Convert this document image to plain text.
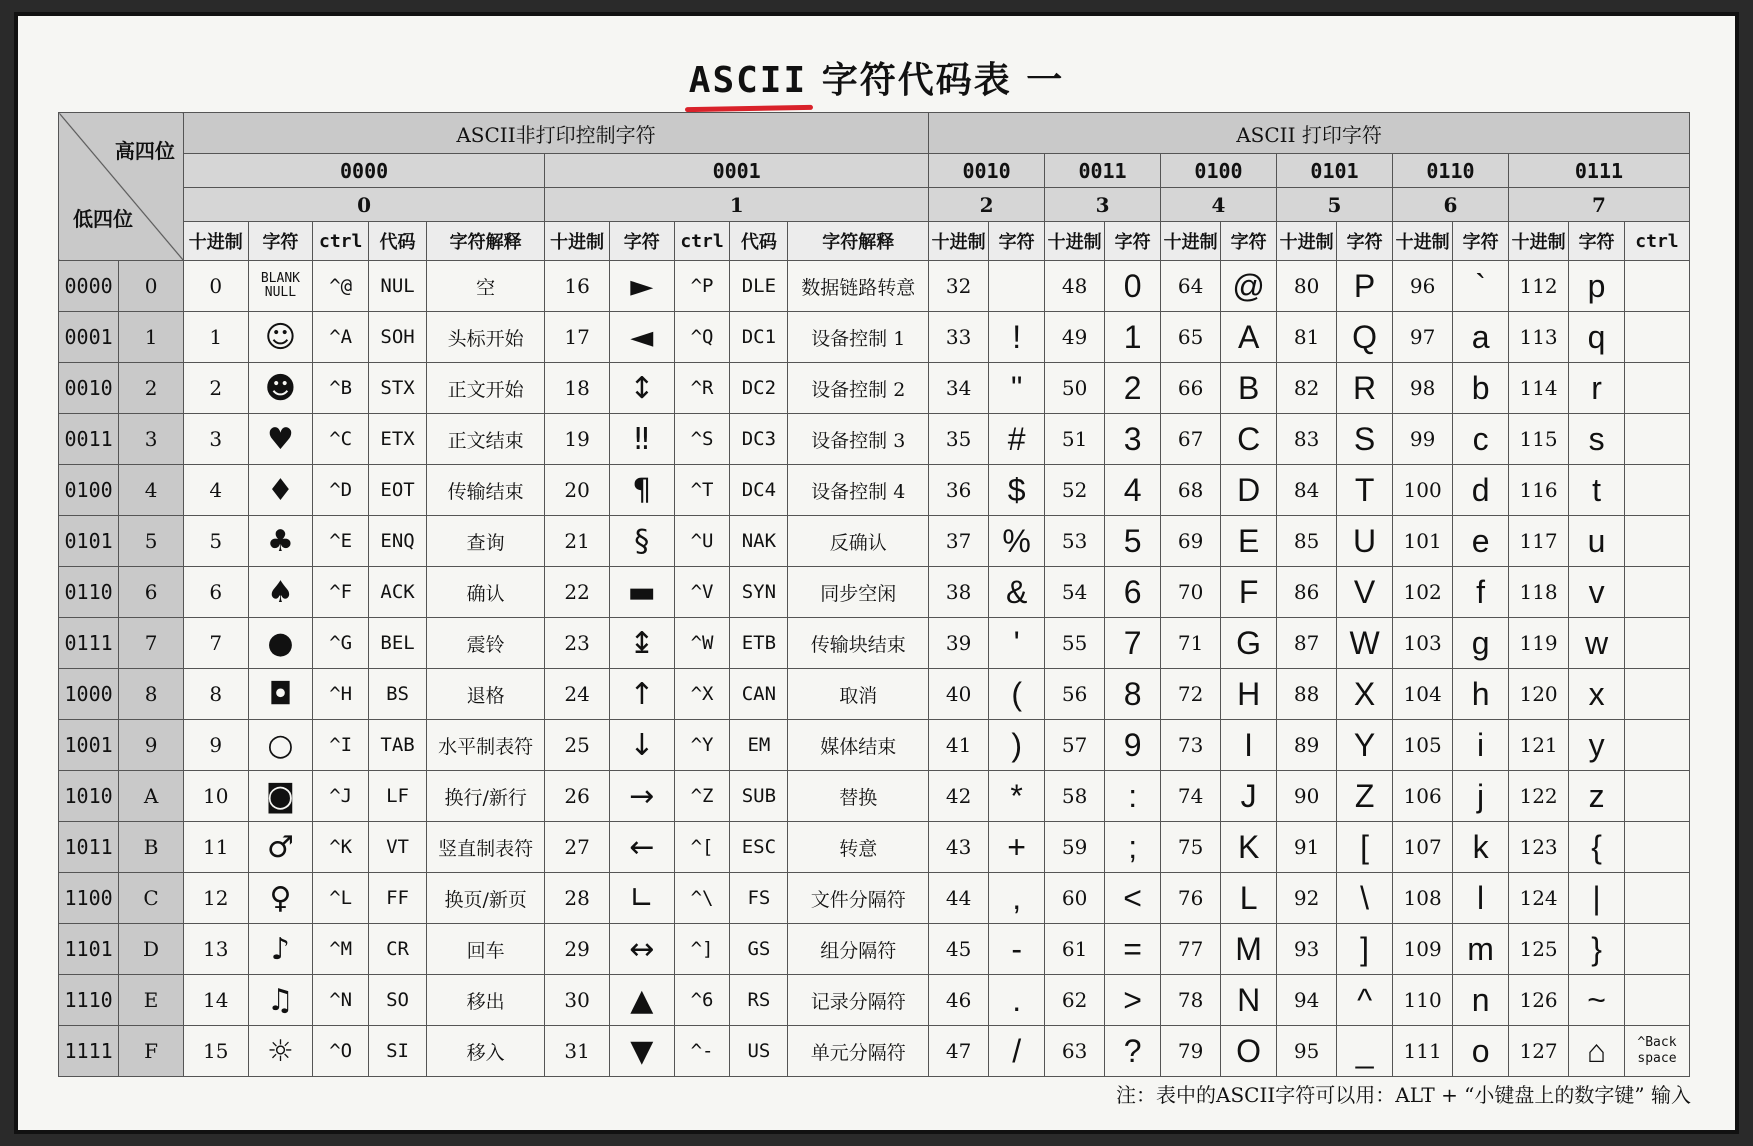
ASCII 字符代码表 一
高四位
低四位		ASCII非打印控制字符										ASCII 打印字符												
		0000					0001					0010		0011		0100		0101		0110		0111		
		0					1					2		3		4		5		6		7		
		十进制	字符	ctrl	代码	字符解释	十进制	字符	ctrl	代码	字符解释	十进制	字符	十进制	字符	十进制	字符	十进制	字符	十进制	字符	十进制	字符	ctrl
0000	0	0	BLANK NULL	^@	NUL	空	16	►	^P	DLE	数据链路转意	32		48	0	64	@	80	P	96	`	112	p	
0001	1	1	☺	^A	SOH	头标开始	17	◄	^Q	DC1	设备控制 1	33	!	49	1	65	A	81	Q	97	a	113	q	
0010	2	2	☻	^B	STX	正文开始	18	↕	^R	DC2	设备控制 2	34	"	50	2	66	B	82	R	98	b	114	r	
0011	3	3	♥	^C	ETX	正文结束	19	‼	^S	DC3	设备控制 3	35	#	51	3	67	C	83	S	99	c	115	s	
0100	4	4	♦	^D	EOT	传输结束	20	¶	^T	DC4	设备控制 4	36	$	52	4	68	D	84	T	100	d	116	t	
0101	5	5	♣	^E	ENQ	查询	21	§	^U	NAK	反确认	37	%	53	5	69	E	85	U	101	e	117	u	
0110	6	6	♠	^F	ACK	确认	22	▬	^V	SYN	同步空闲	38	&	54	6	70	F	86	V	102	f	118	v	
0111	7	7	●	^G	BEL	震铃	23	↨	^W	ETB	传输块结束	39	'	55	7	71	G	87	W	103	g	119	w	
1000	8	8	◘	^H	BS	退格	24	↑	^X	CAN	取消	40	(	56	8	72	H	88	X	104	h	120	x	
1001	9	9	○	^I	TAB	水平制表符	25	↓	^Y	EM	媒体结束	41	)	57	9	73	I	89	Y	105	i	121	y	
1010	A	10	◙	^J	LF	换行/新行	26	→	^Z	SUB	替换	42	*	58	:	74	J	90	Z	106	j	122	z	
1011	B	11	♂	^K	VT	竖直制表符	27	←	^[	ESC	转意	43	+	59	;	75	K	91	[	107	k	123	{	
1100	C	12	♀	^L	FF	换页/新页	28	∟	^\	FS	文件分隔符	44	,	60	<	76	L	92	\	108	l	124	|	
1101	D	13	♪	^M	CR	回车	29	↔	^]	GS	组分隔符	45	-	61	=	77	M	93	]	109	m	125	}	
1110	E	14	♫	^N	SO	移出	30	▲	^6	RS	记录分隔符	46	.	62	>	78	N	94	^	110	n	126	~	
1111	F	15	☼	^O	SI	移入	31	▼	^-	US	单元分隔符	47	/	63	?	79	O	95	_	111	o	127	⌂	^Back space
注：表中的ASCII字符可以用：ALT + “小键盘上的数字键” 输入
